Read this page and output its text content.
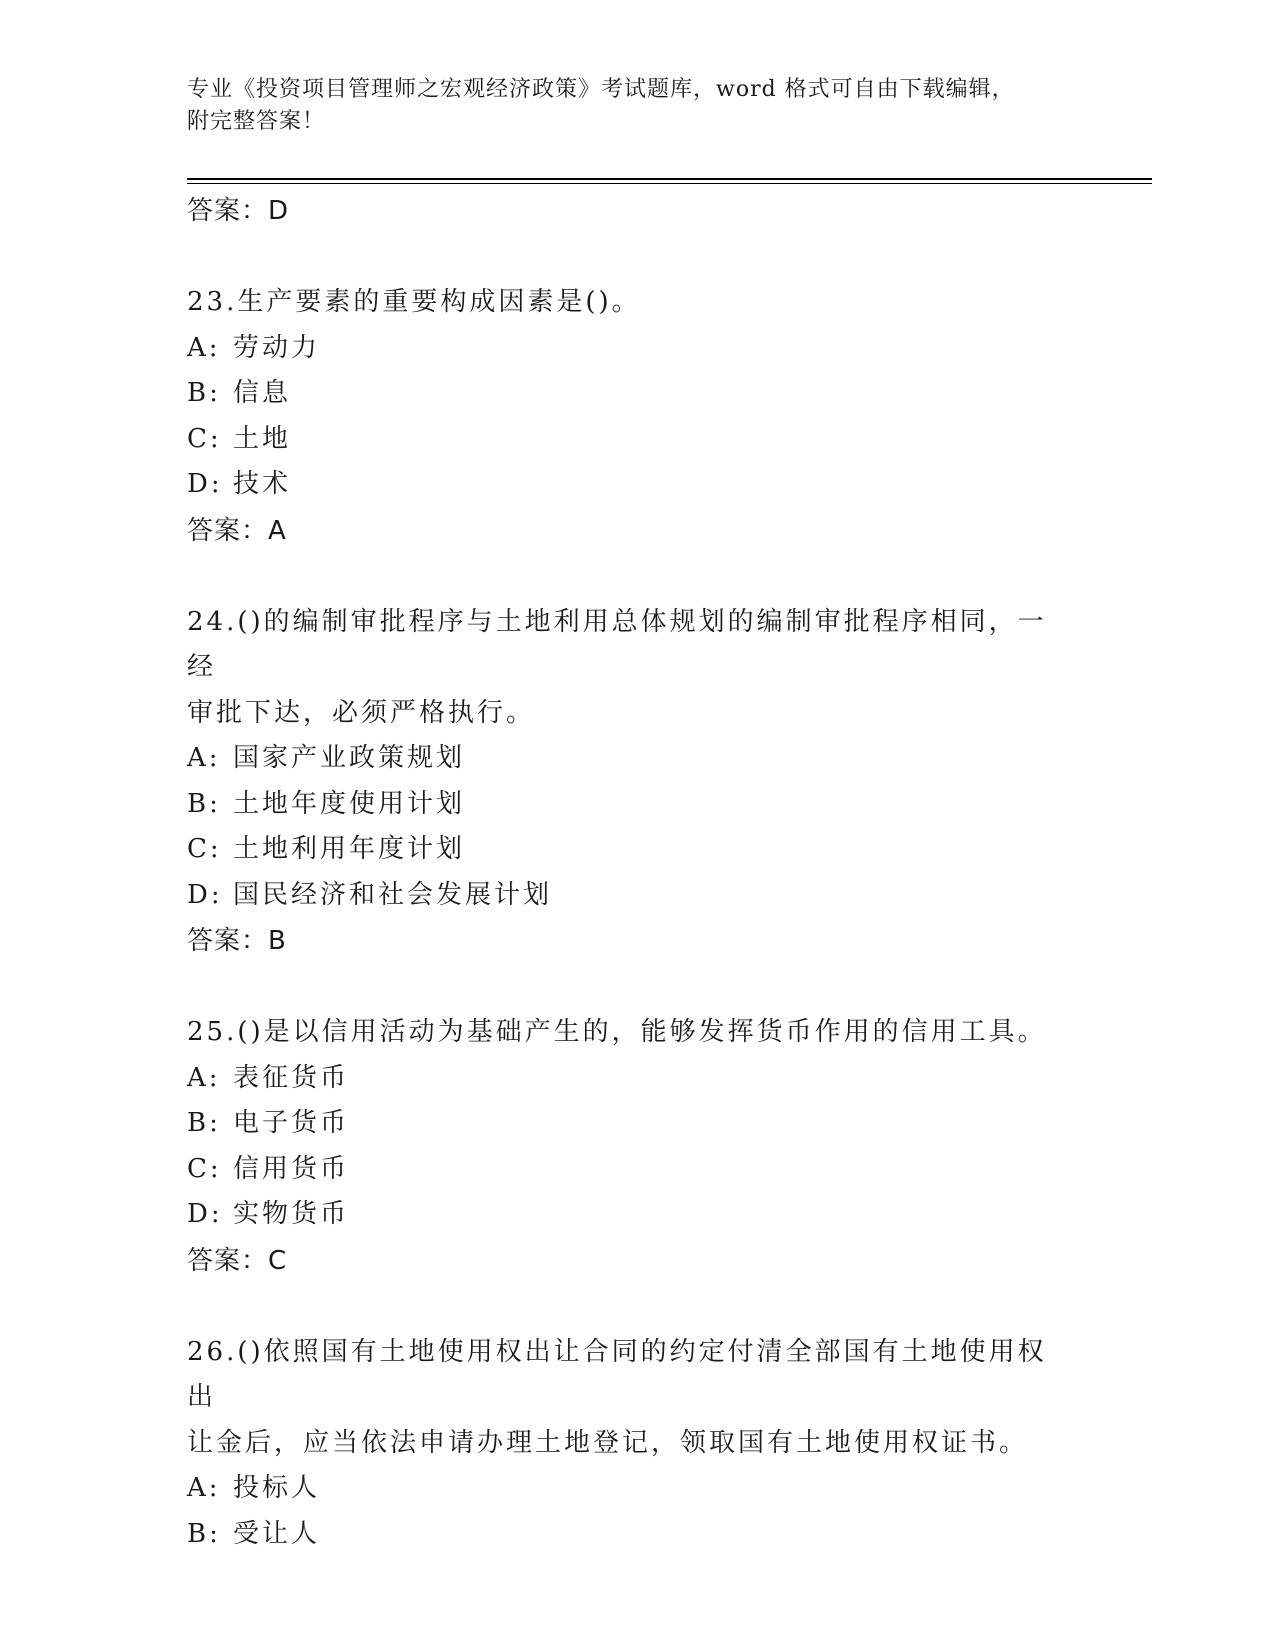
专业《投资项目管理师之宏观经济政策》考试题库，word 格式可自由下载编辑，
附完整答案！
答案：D
23.生产要素的重要构成因素是()。
A: 劳动力
B: 信息
C: 土地
D: 技术
答案：A
24.()的编制审批程序与土地利用总体规划的编制审批程序相同，一经
审批下达，必须严格执行。
A: 国家产业政策规划
B: 土地年度使用计划
C: 土地利用年度计划
D: 国民经济和社会发展计划
答案：B
25.()是以信用活动为基础产生的，能够发挥货币作用的信用工具。
A: 表征货币
B: 电子货币
C: 信用货币
D: 实物货币
答案：C
26.()依照国有土地使用权出让合同的约定付清全部国有土地使用权出
让金后，应当依法申请办理土地登记，领取国有土地使用权证书。
A: 投标人
B: 受让人
